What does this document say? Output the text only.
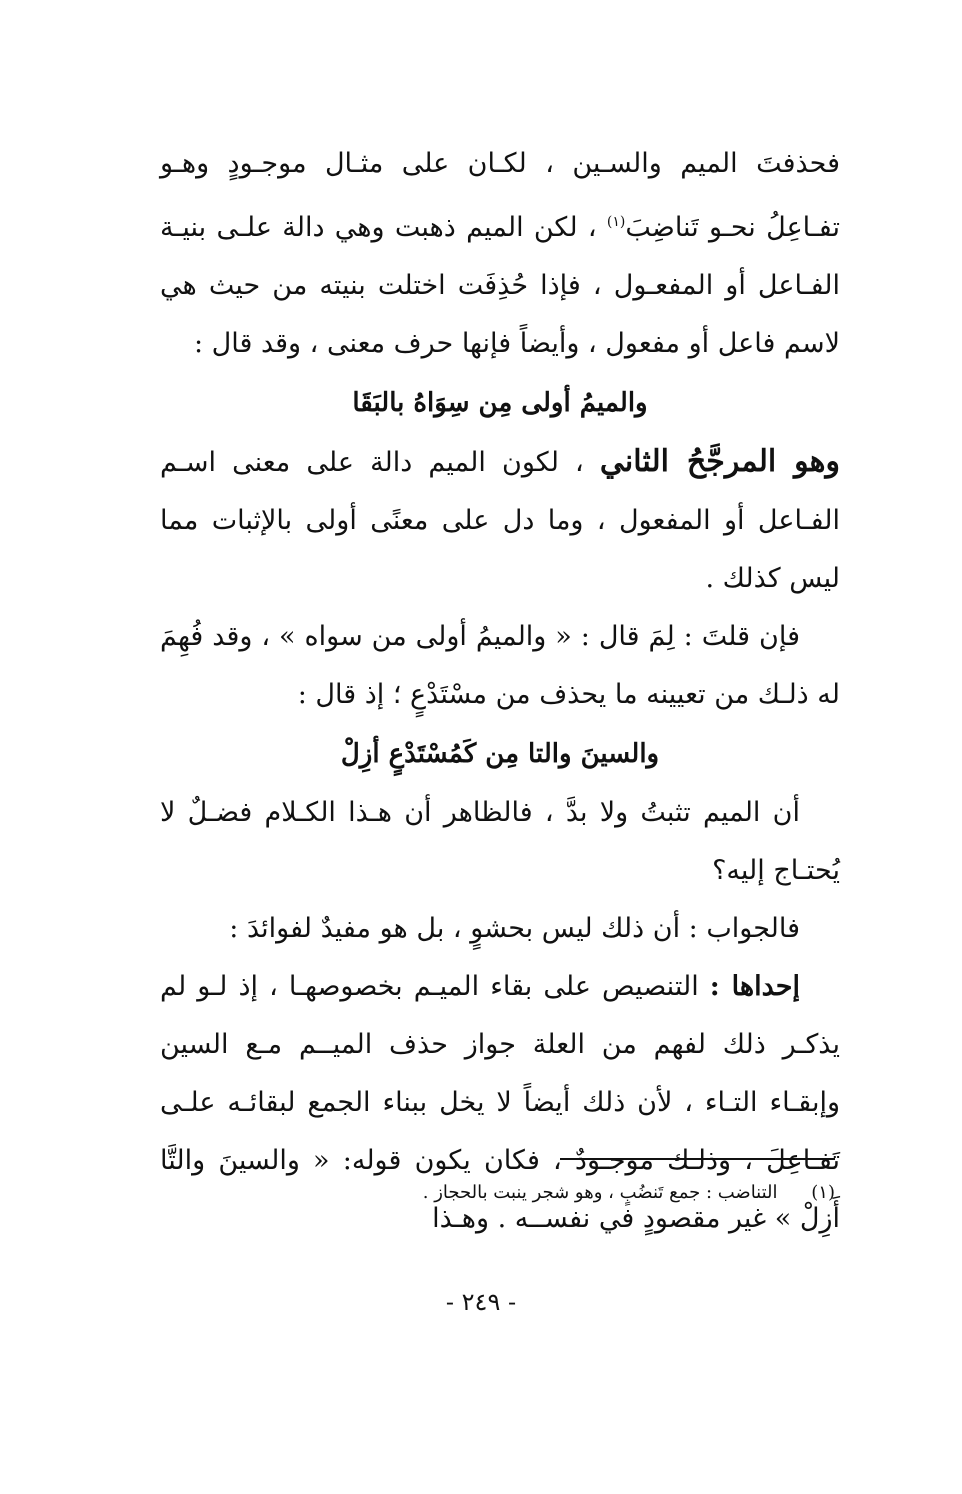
فحذفتَ الميم والسـين ، لكـان على مثـال موجـودٍ وهـو تفـاعِلُ نحـو تَناضِبَ$^{(١)}$ ، لكن الميم ذهبت وهي دالة علـى بنيـة الفـاعل أو المفعـول ، فإذا حُذِفَت اختلت بنيته من حيث هي لاسم فاعل أو مفعول ، وأيضاً فإنها حرف معنى ، وقد قال :

والميمُ أولى مِن سِوَاهُ بالبَقَا

وهو المرجَّحُ الثاني ، لكون الميم دالة على معنى اسـم الفـاعل أو المفعول ، وما دل على معنًى أولى بالإثبات مما ليس كذلك .

فإن قلتَ : لِمَ قال : « والميمُ أولى من سواه » ، وقد فُهِمَ له ذلـك من تعيينه ما يحذف من مسْتَدْعٍ ؛ إذ قال :

والسينَ والتا مِن كَمُسْتَدْعٍ أزِلْ

أن الميم تثبتُ ولا بدَّ ، فالظاهر أن هـذا الكـلام فضـلٌ لا يُحتـاج إليه؟

فالجواب : أن ذلك ليس بحشوٍ ، بل هو مفيدٌ لفوائدَ :

إحداها : التنصيص على بقاء الميـم بخصوصهـا ، إذ لـو لم يذكـر ذلك لفهم من العلة جواز حذف الميــم مـع السين وإبقـاء التـاء ، لأن ذلك أيضاً لا يخل ببناء الجمع لبقائـه علـى تَفـاعِلَ ، وذلـك موجـودٌ ، فكان يكون قوله: « والسينَ والتَّا أَزِلْ » غير مقصودٍ في نفســه . وهـذا

(١) التناضب : جمع تَنضُبٍ ، وهو شجر ينبت بالحجاز .
- ٢٤٩ -
